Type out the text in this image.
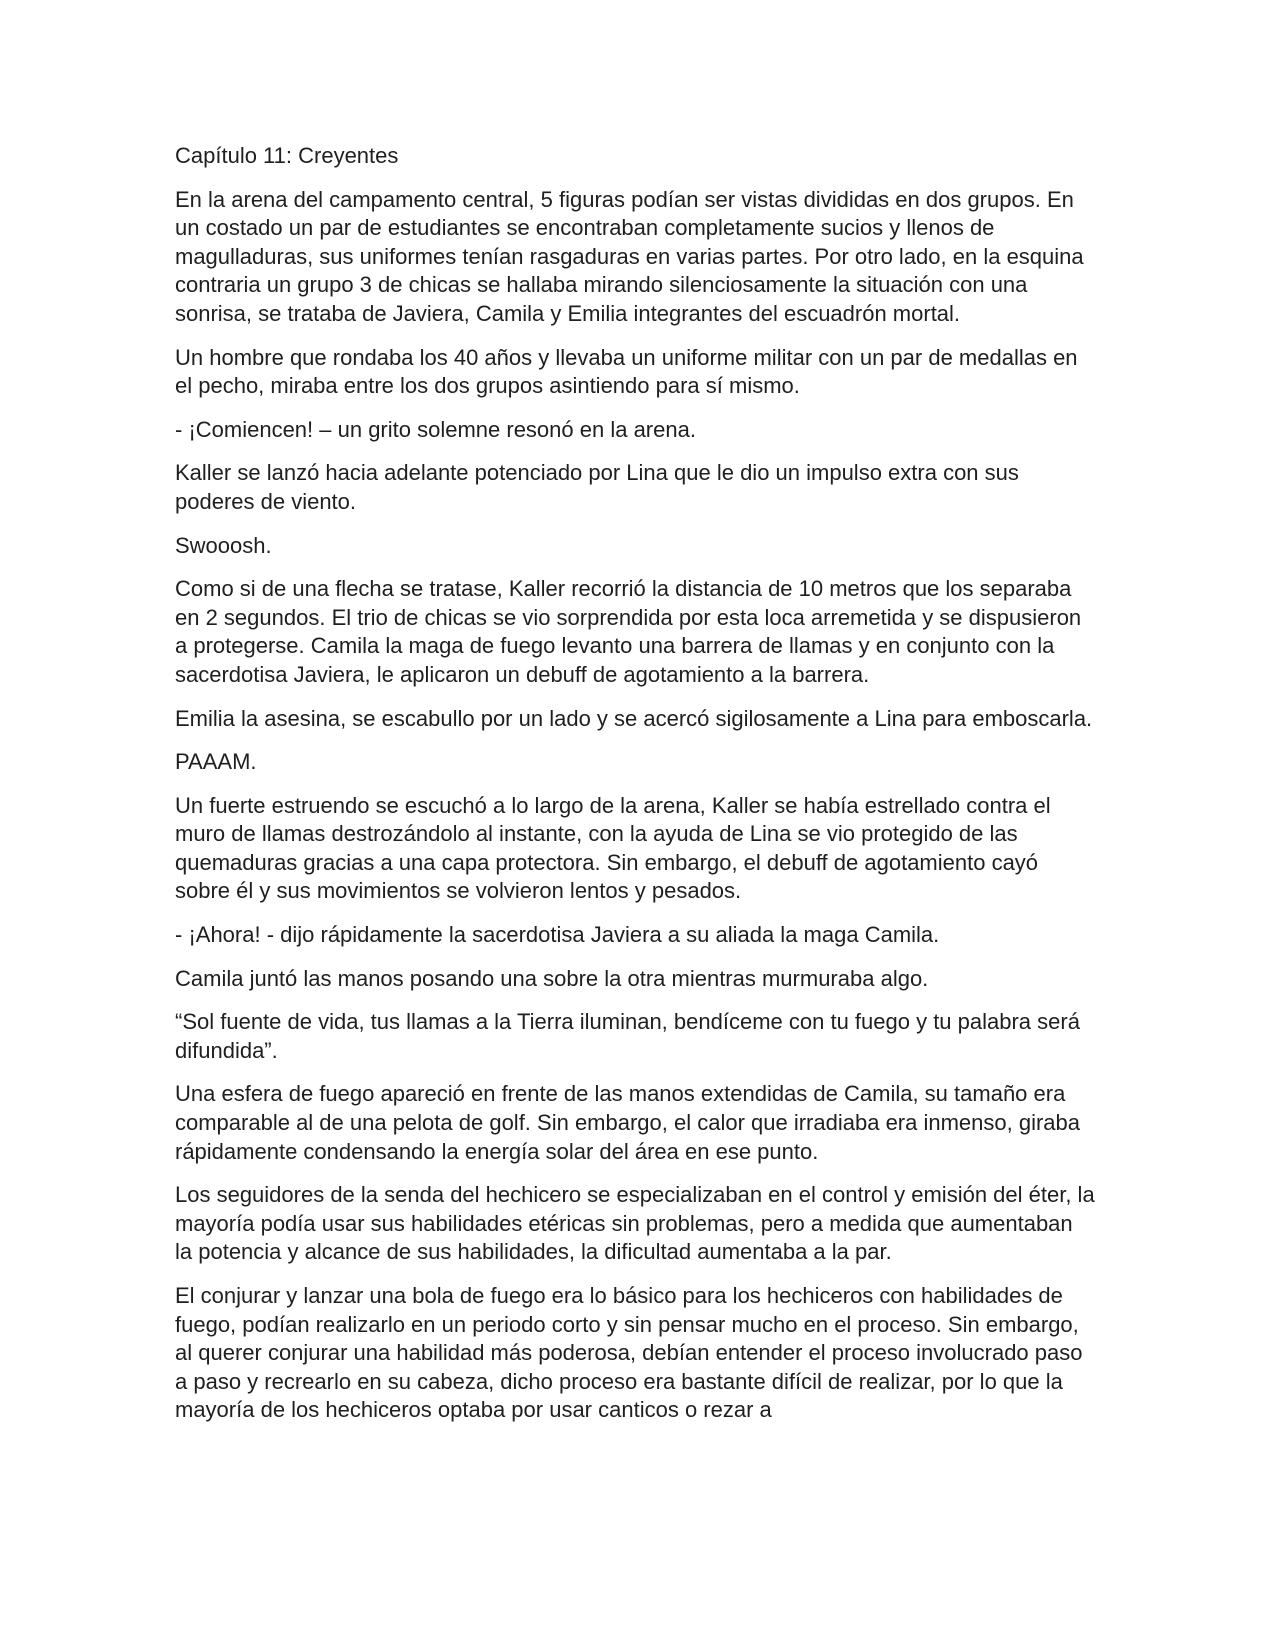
Capítulo 11: Creyentes

En la arena del campamento central, 5 figuras podían ser vistas divididas en dos grupos. En un costado un par de estudiantes se encontraban completamente sucios y llenos de magulladuras, sus uniformes tenían rasgaduras en varias partes. Por otro lado, en la esquina contraria un grupo 3 de chicas se hallaba mirando silenciosamente la situación con una sonrisa, se trataba de Javiera, Camila y Emilia integrantes del escuadrón mortal.

Un hombre que rondaba los 40 años y llevaba un uniforme militar con un par de medallas en el pecho, miraba entre los dos grupos asintiendo para sí mismo.

- ¡Comiencen! – un grito solemne resonó en la arena.

Kaller se lanzó hacia adelante potenciado por Lina que le dio un impulso extra con sus poderes de viento.

Swooosh.

Como si de una flecha se tratase, Kaller recorrió la distancia de 10 metros que los separaba en 2 segundos. El trio de chicas se vio sorprendida por esta loca arremetida y se dispusieron a protegerse. Camila la maga de fuego levanto una barrera de llamas y en conjunto con la sacerdotisa Javiera, le aplicaron un debuff de agotamiento a la barrera.

Emilia la asesina, se escabullo por un lado y se acercó sigilosamente a Lina para emboscarla.

PAAAM.

Un fuerte estruendo se escuchó a lo largo de la arena, Kaller se había estrellado contra el muro de llamas destrozándolo al instante, con la ayuda de Lina se vio protegido de las quemaduras gracias a una capa protectora. Sin embargo, el debuff de agotamiento cayó sobre él y sus movimientos se volvieron lentos y pesados.

- ¡Ahora! - dijo rápidamente la sacerdotisa Javiera a su aliada la maga Camila.

Camila juntó las manos posando una sobre la otra mientras murmuraba algo.

“Sol fuente de vida, tus llamas a la Tierra iluminan, bendíceme con tu fuego y tu palabra será difundida”.

Una esfera de fuego apareció en frente de las manos extendidas de Camila, su tamaño era comparable al de una pelota de golf. Sin embargo, el calor que irradiaba era inmenso, giraba rápidamente condensando la energía solar del área en ese punto.

Los seguidores de la senda del hechicero se especializaban en el control y emisión del éter, la mayoría podía usar sus habilidades etéricas sin problemas, pero a medida que aumentaban la potencia y alcance de sus habilidades, la dificultad aumentaba a la par.

El conjurar y lanzar una bola de fuego era lo básico para los hechiceros con habilidades de fuego, podían realizarlo en un periodo corto y sin pensar mucho en el proceso. Sin embargo, al querer conjurar una habilidad más poderosa, debían entender el proceso involucrado paso a paso y recrearlo en su cabeza, dicho proceso era bastante difícil de realizar, por lo que la mayoría de los hechiceros optaba por usar canticos o rezar a
